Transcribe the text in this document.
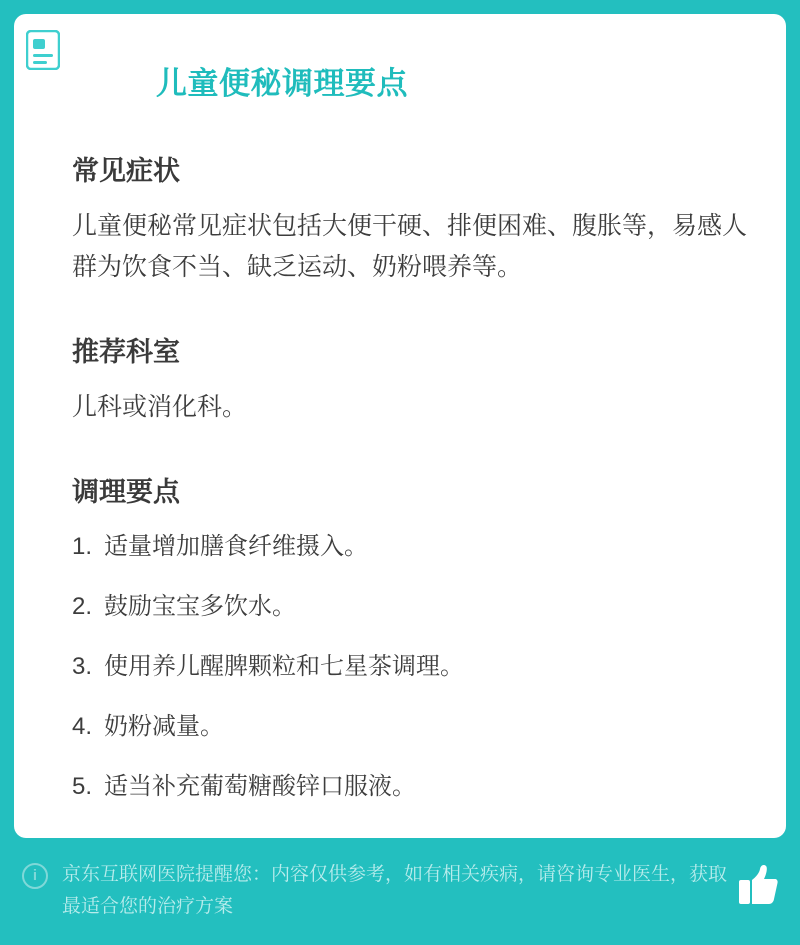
儿童便秘调理要点
常见症状
儿童便秘常见症状包括大便干硬、排便困难、腹胀等，易感人群为饮食不当、缺乏运动、奶粉喂养等。
推荐科室
儿科或消化科。
调理要点
1. 适量增加膳食纤维摄入。
2. 鼓励宝宝多饮水。
3. 使用养儿醒脾颗粒和七星茶调理。
4. 奶粉减量。
5. 适当补充葡萄糖酸锌口服液。
i	京东互联网医院提醒您：内容仅供参考，如有相关疾病，请咨询专业医生，获取最适合您的治疗方案
